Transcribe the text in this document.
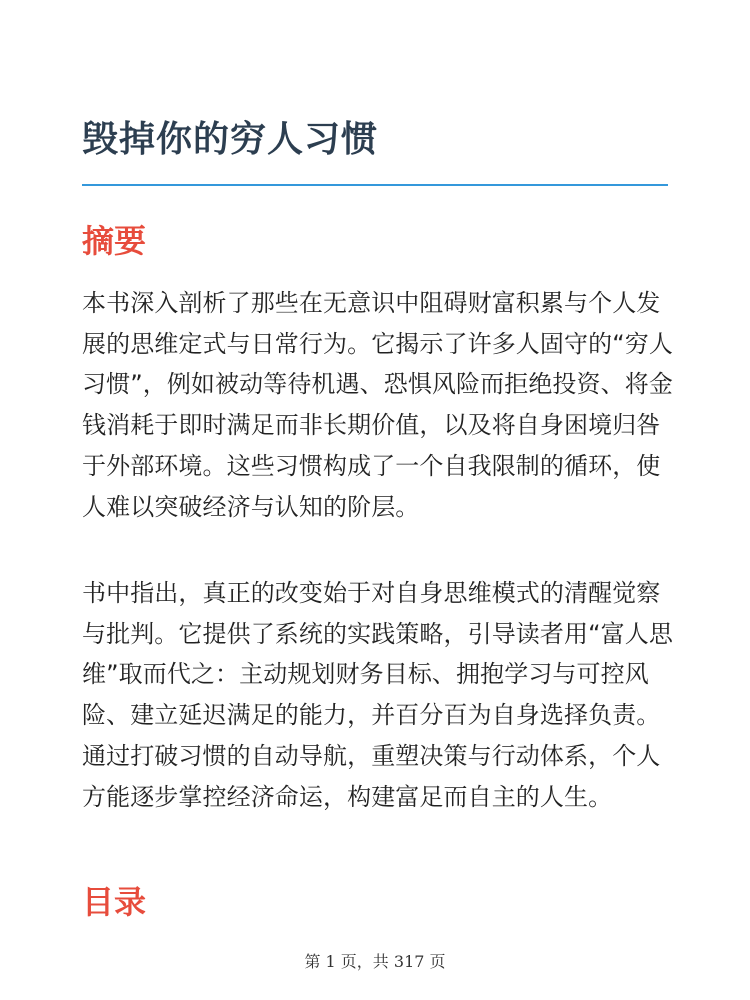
毁掉你的穷人习惯
摘要

本书深入剖析了那些在无意识中阻碍财富积累与个人发展的思维定式与日常行为。它揭示了许多人固守的“穷人习惯”，例如被动等待机遇、恐惧风险而拒绝投资、将金钱消耗于即时满足而非长期价值，以及将自身困境归咎于外部环境。这些习惯构成了一个自我限制的循环，使人难以突破经济与认知的阶层。

书中指出，真正的改变始于对自身思维模式的清醒觉察与批判。它提供了系统的实践策略，引导读者用“富人思维”取而代之：主动规划财务目标、拥抱学习与可控风险、建立延迟满足的能力，并百分百为自身选择负责。通过打破习惯的自动导航，重塑决策与行动体系，个人方能逐步掌控经济命运，构建富足而自主的人生。

目录
第 1 页，共 317 页
